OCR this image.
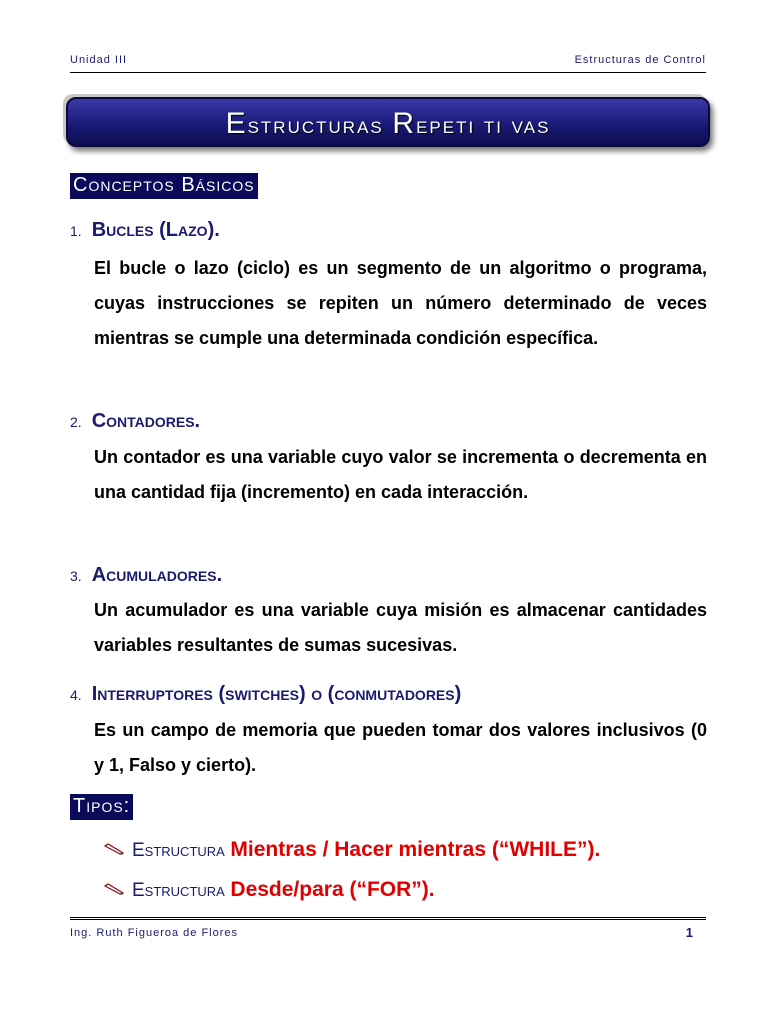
Unidad III	Estructuras de Control
Estructuras Repeti ti vas
Conceptos Básicos
1. Bucles (Lazo).
El bucle o lazo (ciclo) es un segmento de un algoritmo o programa, cuyas instrucciones se repiten un número determinado de veces mientras se cumple una determinada condición específica.
2. Contadores.
Un contador es una variable cuyo valor se incrementa o decrementa en una cantidad fija (incremento) en cada interacción.
3. Acumuladores.
Un acumulador es una variable cuya misión es almacenar cantidades variables resultantes de sumas sucesivas.
4. Interruptores (switches) o (conmutadores)
Es un campo de memoria que pueden tomar dos valores inclusivos (0 y 1, Falso y cierto).
Tipos:
Estructura Mientras / Hacer mientras (“WHILE”).
Estructura Desde/para (“FOR”).
Ing. Ruth Figueroa de Flores	1
